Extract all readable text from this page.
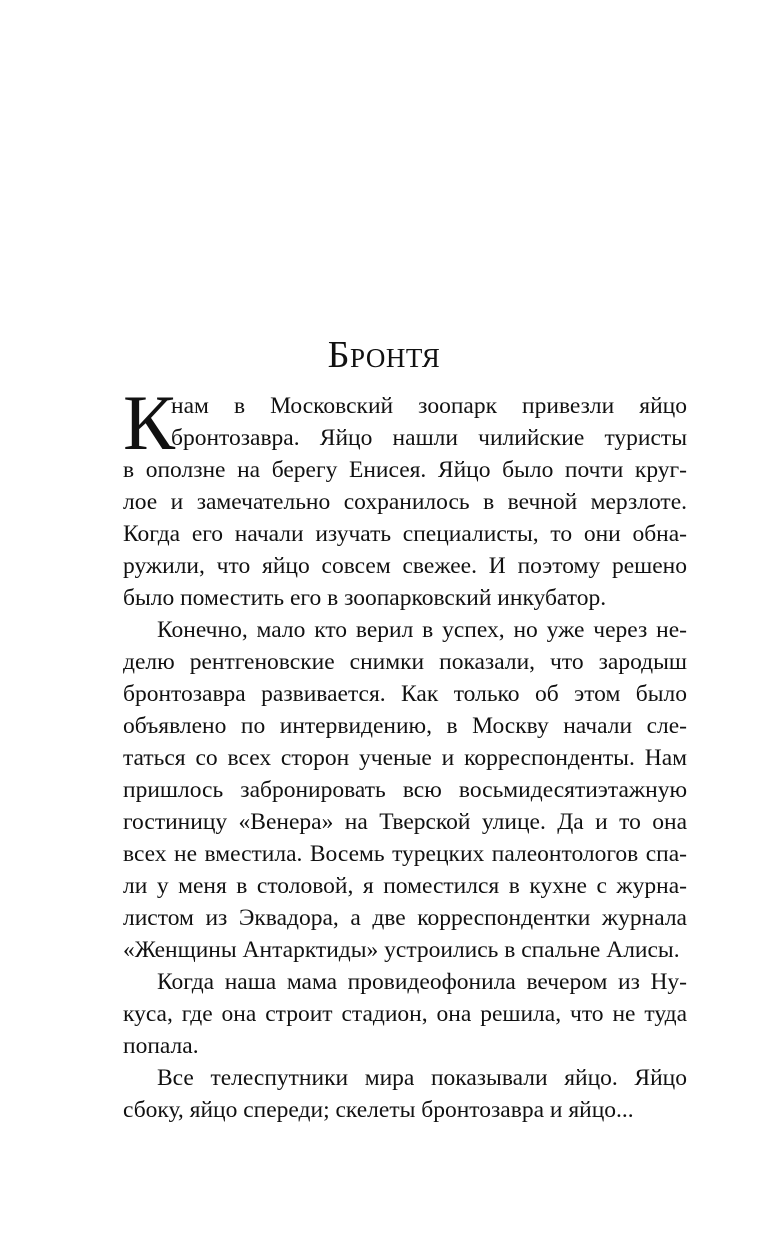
Бронтя
К
нам в Московский зоопарк привезли яйцо
бронтозавра. Яйцо нашли чилийские туристы
в оползне на берегу Енисея. Яйцо было почти круг-
лое и замечательно сохранилось в вечной мерзлоте.
Когда его начали изучать специалисты, то они обна-
ружили, что яйцо совсем свежее. И поэтому решено
было поместить его в зоопарковский инкубатор.
Конечно, мало кто верил в успех, но уже через не-
делю рентгеновские снимки показали, что зародыш
бронтозавра развивается. Как только об этом было
объявлено по интервидению, в Москву начали сле-
таться со всех сторон ученые и корреспонденты. Нам
пришлось забронировать всю восьмидесятиэтажную
гостиницу «Венера» на Тверской улице. Да и то она
всех не вместила. Восемь турецких палеонтологов спа-
ли у меня в столовой, я поместился в кухне с журна-
листом из Эквадора, а две корреспондентки журнала
«Женщины Антарктиды» устроились в спальне Алисы.
Когда наша мама провидеофонила вечером из Ну-
куса, где она строит стадион, она решила, что не туда
попала.
Все телеспутники мира показывали яйцо. Яйцо
сбоку, яйцо спереди; скелеты бронтозавра и яйцо...
